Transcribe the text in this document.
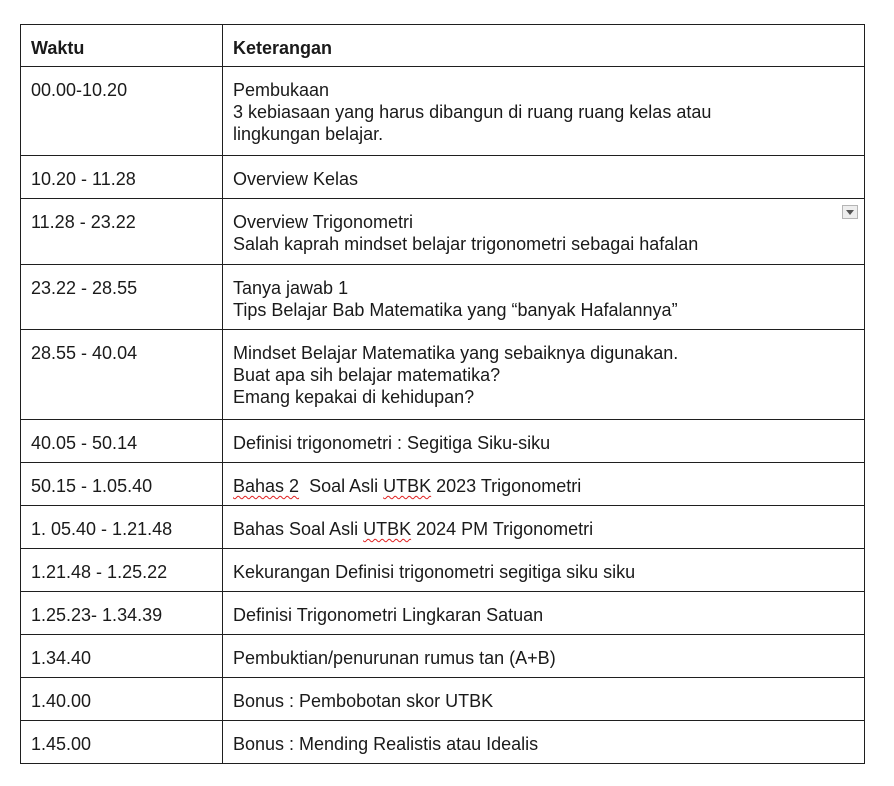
Waktu	Keterangan
00.00-10.20	Pembukaan
3 kebiasaan yang harus dibangun di ruang ruang kelas atau
lingkungan belajar.

10.20 - 11.28	Overview Kelas

11.28 - 23.22	Overview Trigonometri
Salah kaprah mindset belajar trigonometri sebagai hafalan

23.22 - 28.55	Tanya jawab 1
Tips Belajar Bab Matematika yang “banyak Hafalannya”

28.55 - 40.04	Mindset Belajar Matematika yang sebaiknya digunakan.
Buat apa sih belajar matematika?
Emang kepakai di kehidupan?

40.05 - 50.14	Definisi trigonometri : Segitiga Siku-siku

50.15 - 1.05.40	Bahas 2  Soal Asli UTBK 2023 Trigonometri

1. 05.40 - 1.21.48	Bahas Soal Asli UTBK 2024 PM Trigonometri

1.21.48 - 1.25.22	Kekurangan Definisi trigonometri segitiga siku siku

1.25.23- 1.34.39	Definisi Trigonometri Lingkaran Satuan

1.34.40	Pembuktian/penurunan rumus tan (A+B)

1.40.00	Bonus : Pembobotan skor UTBK

1.45.00	Bonus : Mending Realistis atau Idealis
